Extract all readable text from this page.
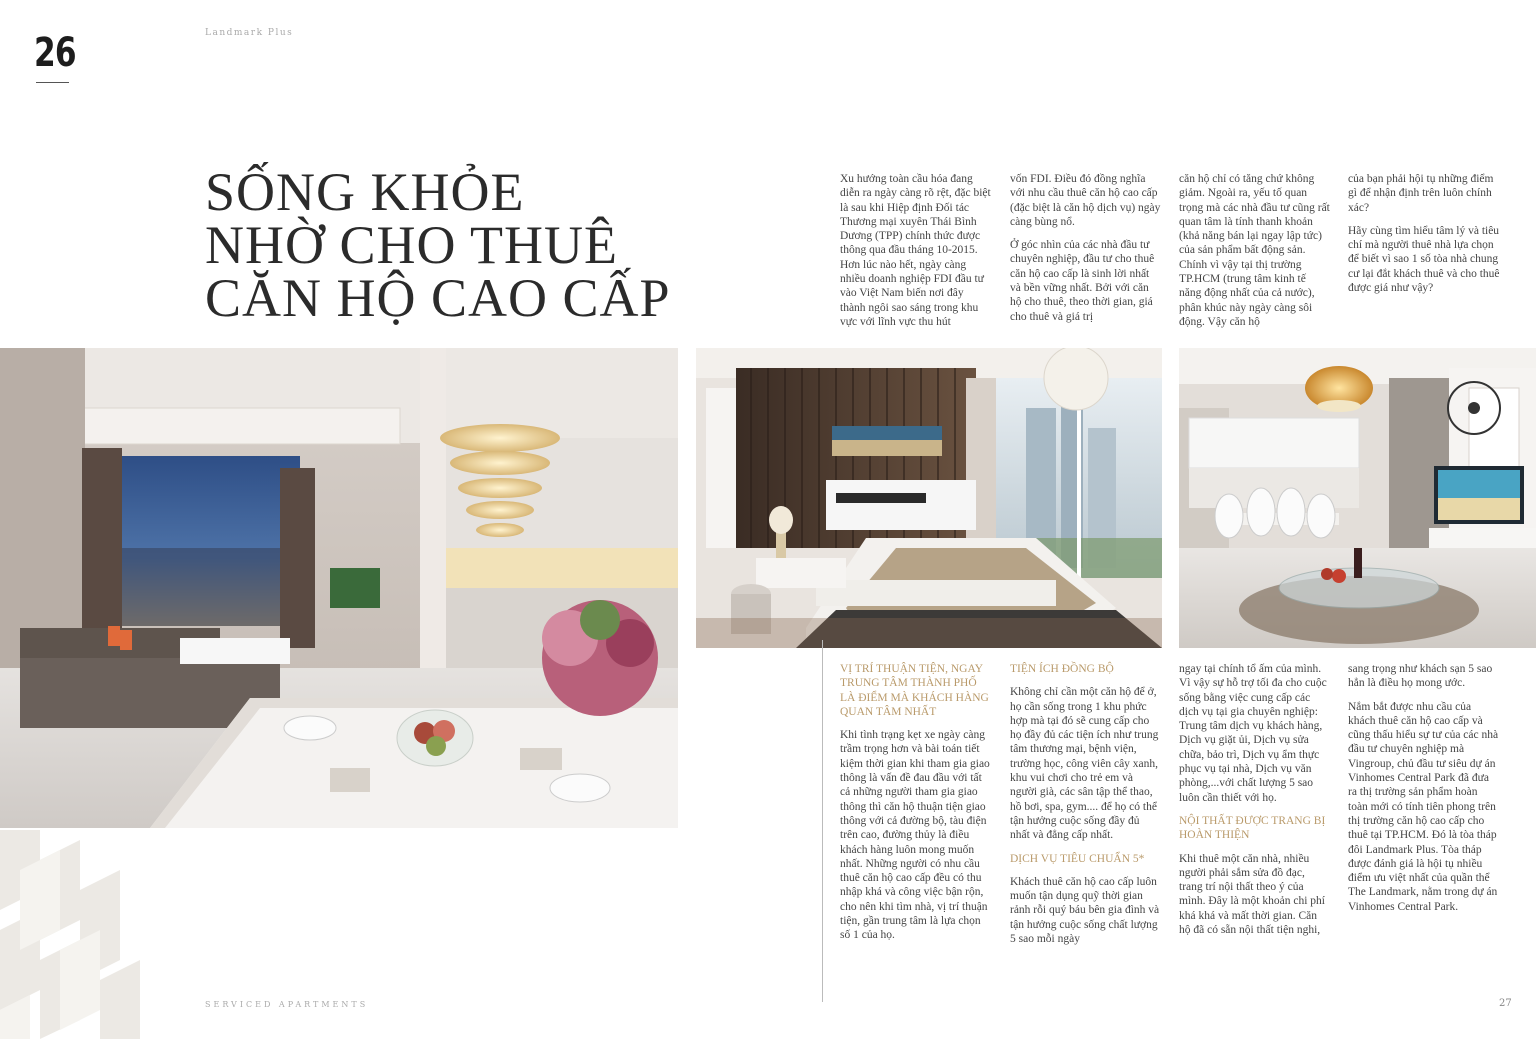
26	Landmark Plus
SỐNG KHỎE
NHỜ CHO THUÊ
CĂN HỘ CAO CẤP

Xu hướng toàn cầu hóa đang diễn ra ngày càng rõ rệt, đặc biệt là sau khi Hiệp định Đối tác Thương mại xuyên Thái Bình Dương (TPP) chính thức được thông qua đầu tháng 10-2015. Hơn lúc nào hết, ngày càng nhiều doanh nghiệp FDI đầu tư vào Việt Nam biến nơi đây thành ngôi sao sáng trong khu vực với lĩnh vực thu hút

vốn FDI. Điều đó đồng nghĩa với nhu cầu thuê căn hộ cao cấp (đặc biệt là căn hộ dịch vụ) ngày càng bùng nổ.

Ở góc nhìn của các nhà đầu tư chuyên nghiệp, đầu tư cho thuê căn hộ cao cấp là sinh lời nhất và bền vững nhất. Bởi với căn hộ cho thuê, theo thời gian, giá cho thuê và giá trị

căn hộ chỉ có tăng chứ không giảm. Ngoài ra, yếu tố quan trọng mà các nhà đầu tư cũng rất quan tâm là tính thanh khoản (khả năng bán lại ngay lập tức) của sản phẩm bất động sản. Chính vì vậy tại thị trường TP.HCM (trung tâm kinh tế năng động nhất của cả nước), phân khúc này ngày càng sôi động. Vậy căn hộ

của bạn phải hội tụ những điểm gì để nhận định trên luôn chính xác?

Hãy cùng tìm hiểu tâm lý và tiêu chí mà người thuê nhà lựa chọn để biết vì sao 1 số tòa nhà chung cư lại đắt khách thuê và cho thuê được giá như vậy?

VỊ TRÍ THUẬN TIỆN, NGAY TRUNG TÂM THÀNH PHỐ LÀ ĐIỂM MÀ KHÁCH HÀNG QUAN TÂM NHẤT

Khi tình trạng kẹt xe ngày càng trầm trọng hơn và bài toán tiết kiệm thời gian khi tham gia giao thông là vấn đề đau đầu với tất cả những người tham gia giao thông thì căn hộ thuận tiện giao thông với cả đường bộ, tàu điện trên cao, đường thủy là điều khách hàng luôn mong muốn nhất. Những người có nhu cầu thuê căn hộ cao cấp đều có thu nhập khá và công việc bận rộn, cho nên khi tìm nhà, vị trí thuận tiện, gần trung tâm là lựa chọn số 1 của họ.

TIỆN ÍCH ĐỒNG BỘ

Không chỉ cần một căn hộ để ở, họ cần sống trong 1 khu phức hợp mà tại đó sẽ cung cấp cho họ đầy đủ các tiện ích như trung tâm thương mại, bệnh viện, trường học, công viên cây xanh, khu vui chơi cho trẻ em và người già, các sân tập thể thao, hồ bơi, spa, gym.... để họ có thể tận hưởng cuộc sống đầy đủ nhất và đẳng cấp nhất.

DỊCH VỤ TIÊU CHUẨN 5*

Khách thuê căn hộ cao cấp luôn muốn tận dụng quỹ thời gian rảnh rỗi quý báu bên gia đình và tận hưởng cuộc sống chất lượng 5 sao mỗi ngày

ngay tại chính tổ ấm của mình. Vì vậy sự hỗ trợ tối đa cho cuộc sống bằng việc cung cấp các dịch vụ tại gia chuyên nghiệp: Trung tâm dịch vụ khách hàng, Dịch vụ giặt ủi, Dịch vụ sửa chữa, bảo trì, Dịch vụ ẩm thực phục vụ tại nhà, Dịch vụ văn phòng,...với chất lượng 5 sao luôn cần thiết với họ.

NỘI THẤT ĐƯỢC TRANG BỊ HOÀN THIỆN

Khi thuê một căn nhà, nhiều người phải sắm sửa đồ đạc, trang trí nội thất theo ý của mình. Đây là một khoản chi phí khá khá và mất thời gian. Căn hộ đã có sẵn nội thất tiện nghi,

sang trọng như khách sạn 5 sao hẳn là điều họ mong ước.

Nắm bắt được nhu cầu của khách thuê căn hộ cao cấp và cũng thấu hiểu sự tư của các nhà đầu tư chuyên nghiệp mà Vingroup, chủ đầu tư siêu dự án Vinhomes Central Park đã đưa ra thị trường sản phẩm hoàn toàn mới có tính tiên phong trên thị trường căn hộ cao cấp cho thuê tại TP.HCM. Đó là tòa tháp đôi Landmark Plus. Tòa tháp được đánh giá là hội tụ nhiều điểm ưu việt nhất của quần thể The Landmark, nằm trong dự án Vinhomes Central Park.

SERVICED APARTMENTS	27
